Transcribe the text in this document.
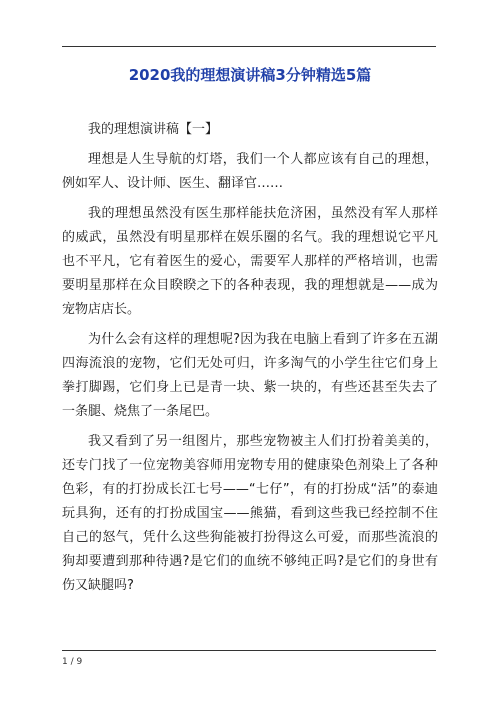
2020我的理想演讲稿3分钟精选5篇

我的理想演讲稿【一】

理想是人生导航的灯塔，我们一个人都应该有自己的理想，例如军人、设计师、医生、翻译官……

我的理想虽然没有医生那样能扶危济困，虽然没有军人那样的威武，虽然没有明星那样在娱乐圈的名气。我的理想说它平凡也不平凡，它有着医生的爱心，需要军人那样的严格培训，也需要明星那样在众目睽睽之下的各种表现，我的理想就是——成为宠物店店长。

为什么会有这样的理想呢?因为我在电脑上看到了许多在五湖四海流浪的宠物，它们无处可归，许多淘气的小学生往它们身上拳打脚踢，它们身上已是青一块、紫一块的，有些还甚至失去了一条腿、烧焦了一条尾巴。

我又看到了另一组图片，那些宠物被主人们打扮着美美的，还专门找了一位宠物美容师用宠物专用的健康染色剂染上了各种色彩，有的打扮成长江七号——“七仔”，有的打扮成“活”的泰迪玩具狗，还有的打扮成国宝——熊猫，看到这些我已经控制不住自己的怒气，凭什么这些狗能被打扮得这么可爱，而那些流浪的狗却要遭到那种待遇?是它们的血统不够纯正吗?是它们的身世有伤又缺腿吗?

1 / 9
